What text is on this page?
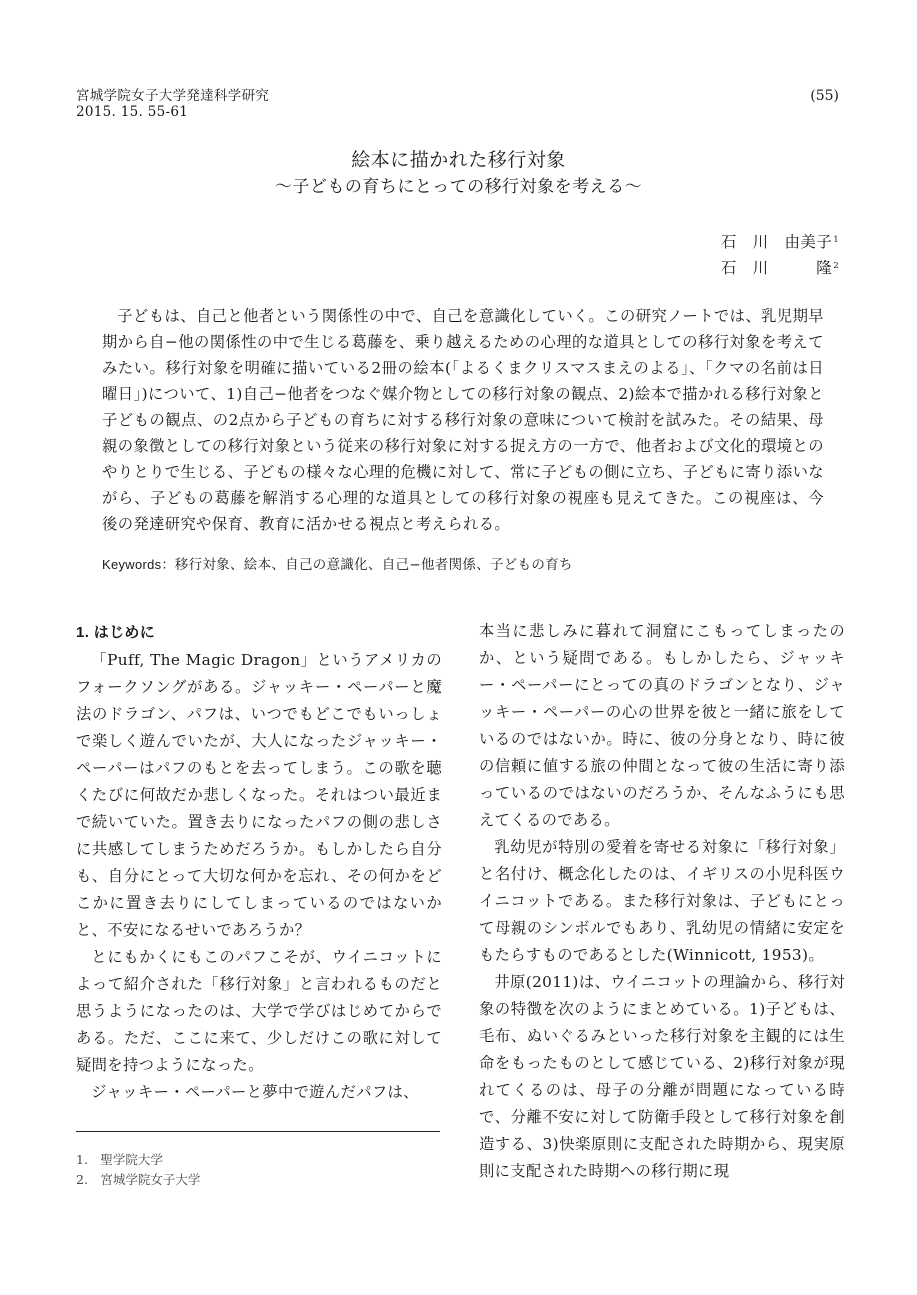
宮城学院女子大学発達科学研究
2015. 15. 55-61
(55)
絵本に描かれた移行対象
〜子どもの育ちにとっての移行対象を考える〜
石　川　由美子$^1$
石　川　　　隆$^2$
子どもは、自己と他者という関係性の中で、自己を意識化していく。この研究ノートでは、乳児期早期から自−他の関係性の中で生じる葛藤を、乗り越えるための心理的な道具としての移行対象を考えてみたい。移行対象を明確に描いている2冊の絵本(「よるくまクリスマスまえのよる」、「クマの名前は日曜日」)について、1)自己−他者をつなぐ媒介物としての移行対象の観点、2)絵本で描かれる移行対象と子どもの観点、の2点から子どもの育ちに対する移行対象の意味について検討を試みた。その結果、母親の象徴としての移行対象という従来の移行対象に対する捉え方の一方で、他者および文化的環境とのやりとりで生じる、子どもの様々な心理的危機に対して、常に子どもの側に立ち、子どもに寄り添いながら、子どもの葛藤を解消する心理的な道具としての移行対象の視座も見えてきた。この視座は、今後の発達研究や保育、教育に活かせる視点と考えられる。
Keywords：移行対象、絵本、自己の意識化、自己−他者関係、子どもの育ち
1. はじめに

「Puff, The Magic Dragon」というアメリカのフォークソングがある。ジャッキー・ペーパーと魔法のドラゴン、パフは、いつでもどこでもいっしょで楽しく遊んでいたが、大人になったジャッキー・ペーパーはパフのもとを去ってしまう。この歌を聴くたびに何故だか悲しくなった。それはつい最近まで続いていた。置き去りになったパフの側の悲しさに共感してしまうためだろうか。もしかしたら自分も、自分にとって大切な何かを忘れ、その何かをどこかに置き去りにしてしまっているのではないかと、不安になるせいであろうか？

とにもかくにもこのパフこそが、ウイニコットによって紹介された「移行対象」と言われるものだと思うようになったのは、大学で学びはじめてからである。ただ、ここに来て、少しだけこの歌に対して疑問を持つようになった。

ジャッキー・ペーパーと夢中で遊んだパフは、

本当に悲しみに暮れて洞窟にこもってしまったのか、という疑問である。もしかしたら、ジャッキー・ペーパーにとっての真のドラゴンとなり、ジャッキー・ペーパーの心の世界を彼と一緒に旅をしているのではないか。時に、彼の分身となり、時に彼の信頼に値する旅の仲間となって彼の生活に寄り添っているのではないのだろうか、そんなふうにも思えてくるのである。

乳幼児が特別の愛着を寄せる対象に「移行対象」と名付け、概念化したのは、イギリスの小児科医ウイニコットである。また移行対象は、子どもにとって母親のシンボルでもあり、乳幼児の情緒に安定をもたらすものであるとした(Winnicott, 1953)。

井原(2011)は、ウイニコットの理論から、移行対象の特徴を次のようにまとめている。1)子どもは、毛布、ぬいぐるみといった移行対象を主観的には生命をもったものとして感じている、2)移行対象が現れてくるのは、母子の分離が問題になっている時で、分離不安に対して防衛手段として移行対象を創造する、3)快楽原則に支配された時期から、現実原則に支配された時期への移行期に現

1.　聖学院大学
2.　宮城学院女子大学
